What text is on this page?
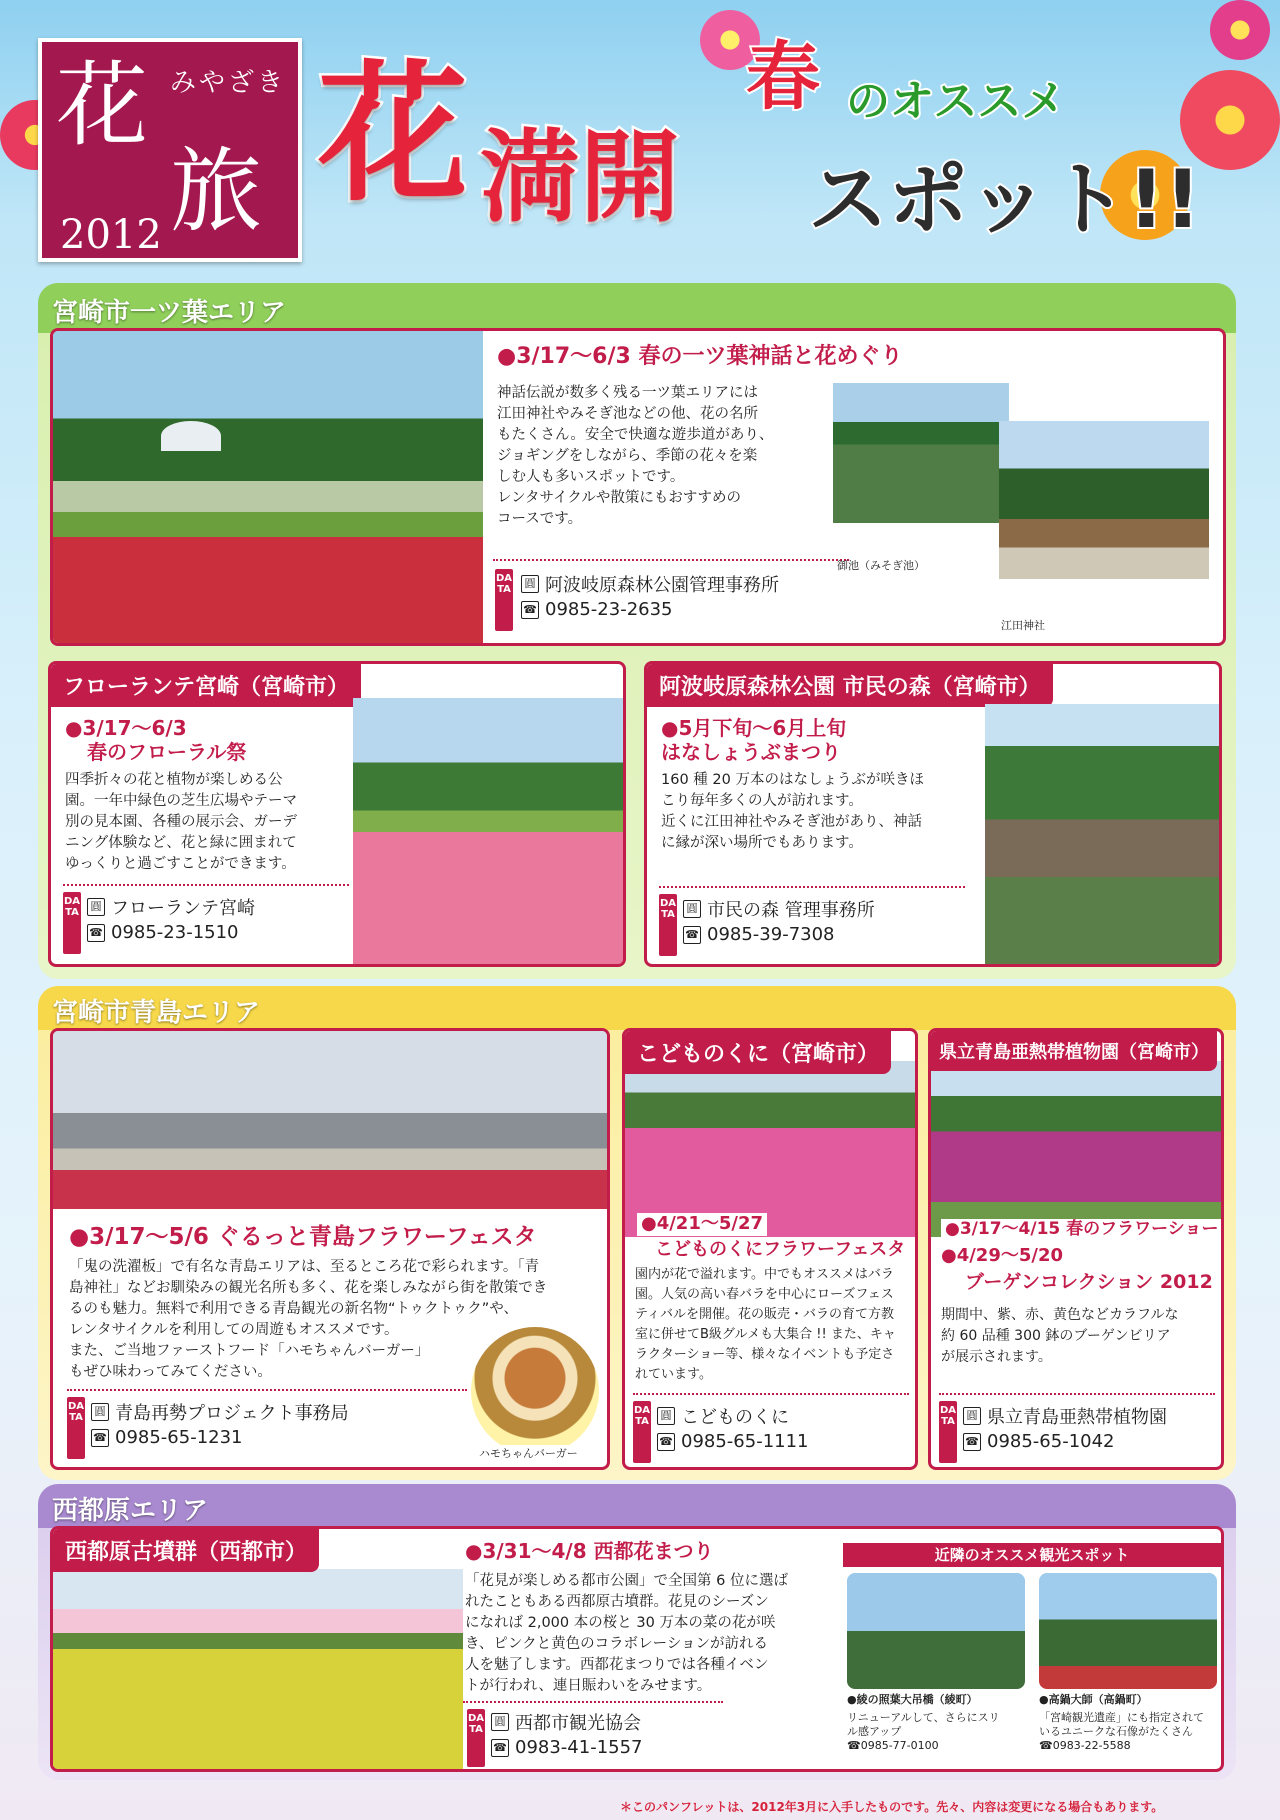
みやざき
花
旅
2012
花 満開
春 のオススメ
スポット!!
宮崎市一ツ葉エリア
●3/17～6/3 春の一ツ葉神話と花めぐり
神話伝説が数多く残る一ツ葉エリアには
江田神社やみそぎ池などの他、花の名所
もたくさん。安全で快適な遊歩道があり、
ジョギングをしながら、季節の花々を楽
しむ人も多いスポットです。
レンタサイクルや散策にもおすすめの
コースです。
DATA	圓 阿波岐原森林公園管理事務所
☎ 0985-23-2635
御池（みそぎ池）
江田神社
フローランテ宮崎（宮崎市）
●3/17～6/3
春のフローラル祭
四季折々の花と植物が楽しめる公
園。一年中緑色の芝生広場やテーマ
別の見本園、各種の展示会、ガーデ
ニング体験など、花と緑に囲まれて
ゆっくりと過ごすことができます。
DATA	圓 フローランテ宮崎
☎ 0985-23-1510
阿波岐原森林公園 市民の森（宮崎市）
●5月下旬～6月上旬
はなしょうぶまつり
160 種 20 万本のはなしょうぶが咲きほ
こり毎年多くの人が訪れます。
近くに江田神社やみそぎ池があり、神話
に縁が深い場所でもあります。
DATA	圓 市民の森 管理事務所
☎ 0985-39-7308
宮崎市青島エリア
●3/17～5/6 ぐるっと青島フラワーフェスタ
「鬼の洗濯板」で有名な青島エリアは、至るところ花で彩られます。「青
島神社」などお馴染みの観光名所も多く、花を楽しみながら街を散策でき
るのも魅力。無料で利用できる青島観光の新名物“トゥクトゥク”や、
レンタサイクルを利用しての周遊もオススメです。
また、ご当地ファーストフード「ハモちゃんバーガー」
もぜひ味わってみてください。
DATA	圓 青島再勢プロジェクト事務局
☎ 0985-65-1231
ハモちゃんバーガー
こどものくに（宮崎市）
●4/21～5/27
こどものくにフラワーフェスタ
園内が花で溢れます。中でもオススメはバラ
園。人気の高い春バラを中心にローズフェス
ティバルを開催。花の販売・バラの育て方教
室に併せてB級グルメも大集合 !! また、キャ
ラクターショー等、様々なイベントも予定さ
れています。
DATA	圓 こどものくに
☎ 0985-65-1111
県立青島亜熱帯植物園（宮崎市）
●3/17～4/15 春のフラワーショー
●4/29～5/20
ブーゲンコレクション 2012
期間中、紫、赤、黄色などカラフルな
約 60 品種 300 鉢のブーゲンビリア
が展示されます。
DATA	圓 県立青島亜熱帯植物園
☎ 0985-65-1042
西都原エリア
西都原古墳群（西都市）	●3/31～4/8 西都花まつり
「花見が楽しめる都市公園」で全国第 6 位に選ば
れたこともある西都原古墳群。花見のシーズン
になれば 2,000 本の桜と 30 万本の菜の花が咲
き、ピンクと黄色のコラボレーションが訪れる
人を魅了します。西都花まつりでは各種イベン
トが行われ、連日賑わいをみせます。
DATA
圓 西都市観光協会
☎ 0983-41-1557
近隣のオススメ観光スポット
●綾の照葉大吊橋（綾町）
リニューアルして、さらにスリ
ル感アップ
☎0985-77-0100
●高鍋大師（高鍋町）
「宮崎観光遺産」にも指定されて
いるユニークな石像がたくさん
☎0983-22-5588
＊このパンフレットは、2012年3月に入手したものです。先々、内容は変更になる場合もあります。
